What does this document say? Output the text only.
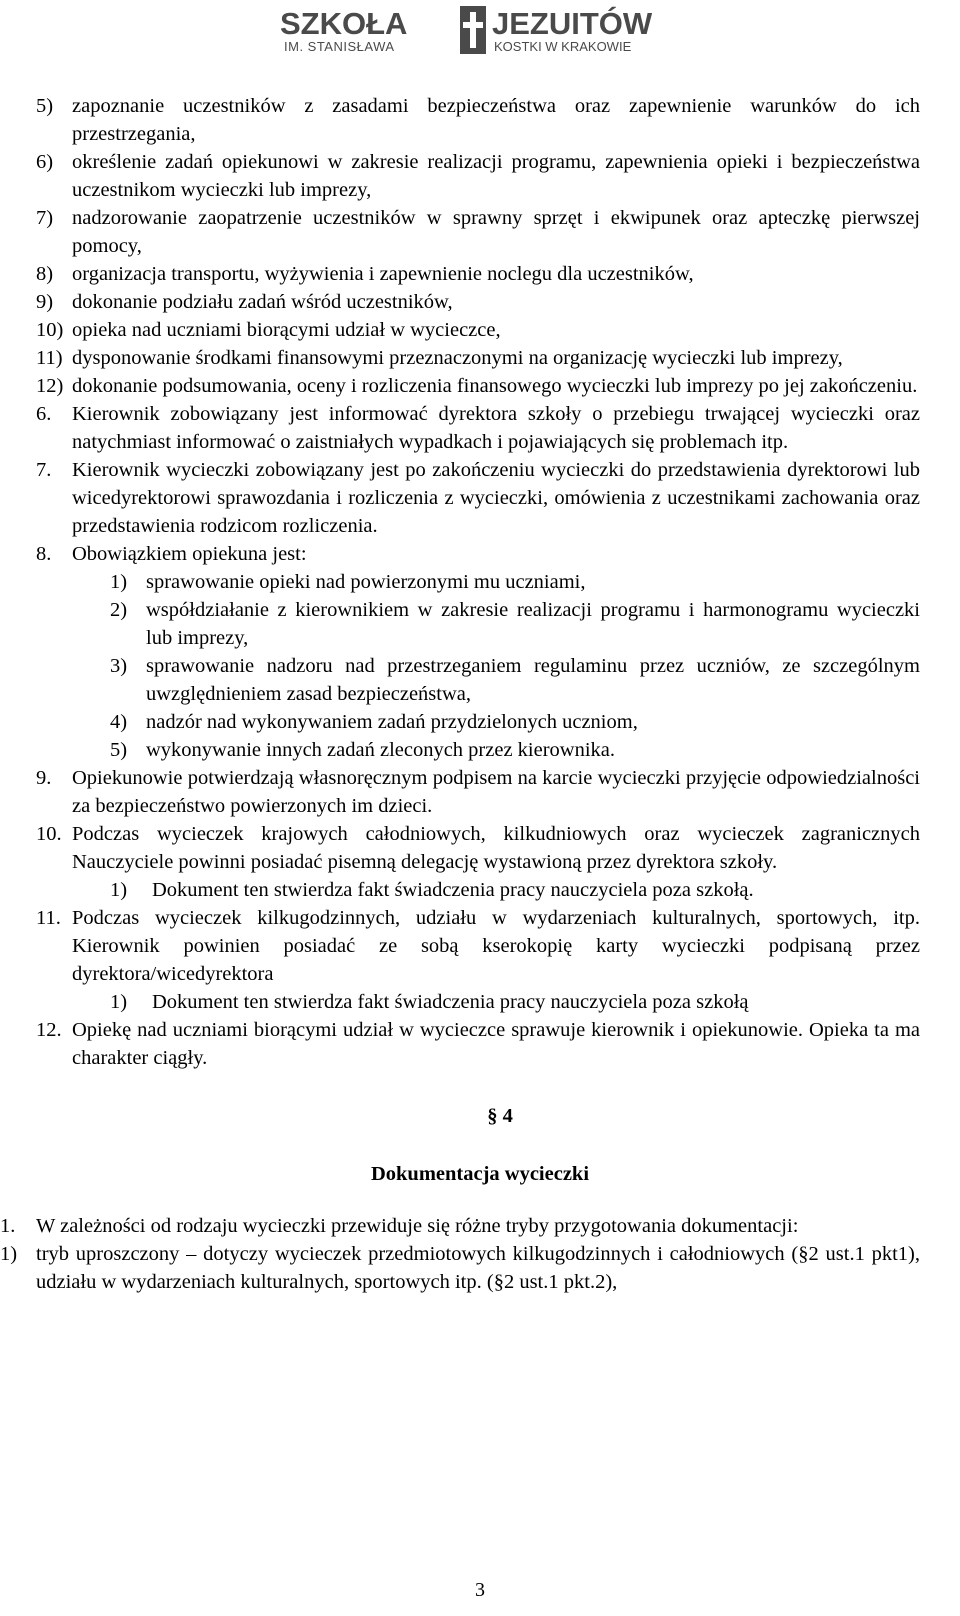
SZKOŁA
IM. STANISŁAWA
JEZUITÓW
KOSTKI W KRAKOWIE
5) zapoznanie uczestników z zasadami bezpieczeństwa oraz zapewnienie warunków do ich przestrzegania,
6) określenie zadań opiekunowi w zakresie realizacji programu, zapewnienia opieki i bezpieczeństwa uczestnikom wycieczki lub imprezy,
7) nadzorowanie zaopatrzenie uczestników w sprawny sprzęt i ekwipunek oraz apteczkę pierwszej pomocy,
8) organizacja transportu, wyżywienia i zapewnienie noclegu dla uczestników,
9) dokonanie podziału zadań wśród uczestników,
10) opieka nad uczniami biorącymi udział w wycieczce,
11) dysponowanie środkami finansowymi przeznaczonymi na organizację wycieczki lub imprezy,
12) dokonanie podsumowania, oceny i rozliczenia finansowego wycieczki lub imprezy po jej zakończeniu.
6.	Kierownik zobowiązany jest informować dyrektora szkoły o przebiegu trwającej wycieczki oraz natychmiast informować o zaistniałych wypadkach i pojawiających się problemach itp.
7.	Kierownik wycieczki zobowiązany jest po zakończeniu wycieczki do przedstawienia dyrektorowi lub wicedyrektorowi sprawozdania i rozliczenia z wycieczki, omówienia z uczestnikami zachowania oraz przedstawienia rodzicom rozliczenia.
8.	Obowiązkiem opiekuna jest:
1) sprawowanie opieki nad powierzonymi mu uczniami,
2) współdziałanie z kierownikiem w zakresie realizacji programu i harmonogramu wycieczki lub imprezy,
3) sprawowanie nadzoru nad przestrzeganiem regulaminu przez uczniów, ze szczególnym uwzględnieniem zasad bezpieczeństwa,
4) nadzór nad wykonywaniem zadań przydzielonych uczniom,
5) wykonywanie innych zadań zleconych przez kierownika.
9.	Opiekunowie potwierdzają własnoręcznym podpisem na karcie wycieczki przyjęcie odpowiedzialności za bezpieczeństwo powierzonych im dzieci.
10. Podczas wycieczek krajowych całodniowych, kilkudniowych oraz wycieczek zagranicznych Nauczyciele powinni posiadać pisemną delegację wystawioną przez dyrektora szkoły.
1)	Dokument ten stwierdza fakt świadczenia pracy nauczyciela poza szkołą.
11. Podczas wycieczek kilkugodzinnych, udziału w wydarzeniach kulturalnych, sportowych, itp. Kierownik powinien posiadać ze sobą kserokopię karty wycieczki podpisaną przez dyrektora/wicedyrektora
1)	Dokument ten stwierdza fakt świadczenia pracy nauczyciela poza szkołą
12. Opiekę nad uczniami biorącymi udział w wycieczce sprawuje kierownik i opiekunowie. Opieka ta ma charakter ciągły.
§ 4
Dokumentacja wycieczki
1.	W zależności od rodzaju wycieczki przewiduje się różne tryby przygotowania dokumentacji:
1) tryb uproszczony – dotyczy wycieczek przedmiotowych kilkugodzinnych i całodniowych (§2 ust.1 pkt1), udziału w wydarzeniach kulturalnych, sportowych itp. (§2 ust.1 pkt.2),
3
